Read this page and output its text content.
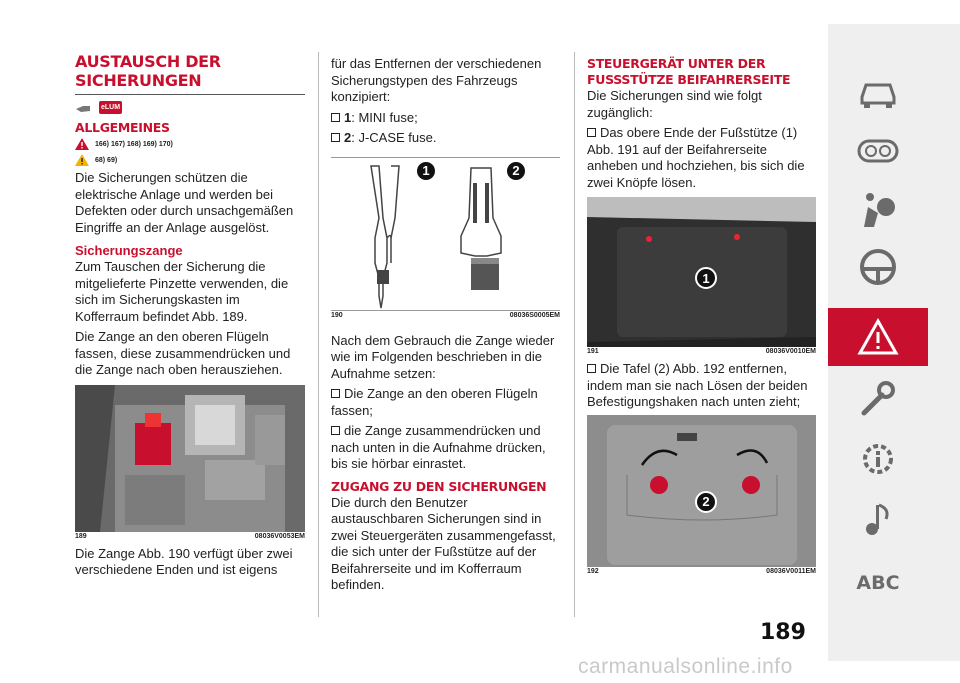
AUSTAUSCH DER
SICHERUNGEN
eLUM
ALLGEMEINES
166) 167) 168) 169) 170)
68) 69)

Die Sicherungen schützen die elektrische Anlage und werden bei Defekten oder durch unsachgemäßen Eingriffe an der Anlage ausgelöst.

Sicherungszange

Zum Tauschen der Sicherung die mitgelieferte Pinzette verwenden, die sich im Sicherungskasten im Kofferraum befindet Abb. 189.

Die Zange an den oberen Flügeln fassen, diese zusammendrücken und die Zange nach oben herausziehen.

189	08036V0053EM

Die Zange Abb. 190 verfügt über zwei verschiedene Enden und ist eigens

für das Entfernen der verschiedenen Sicherungstypen des Fahrzeugs konzipiert:

1: MINI fuse;

2: J-CASE fuse.

1	2
190	08036S0005EM

Nach dem Gebrauch die Zange wieder wie im Folgenden beschrieben in die Aufnahme setzen:

Die Zange an den oberen Flügeln fassen;

die Zange zusammendrücken und nach unten in die Aufnahme drücken, bis sie hörbar einrastet.

ZUGANG ZU DEN SICHERUNGEN

Die durch den Benutzer austauschbaren Sicherungen sind in zwei Steuergeräten zusammengefasst, die sich unter der Fußstütze auf der Beifahrerseite und im Kofferraum befinden.

STEUERGERÄT UNTER DER
FUSSSTÜTZE BEIFAHRERSEITE

Die Sicherungen sind wie folgt zugänglich:

Das obere Ende der Fußstütze (1) Abb. 191 auf der Beifahrerseite anheben und hochziehen, bis sich die zwei Knöpfe lösen.

1
191	08036V0010EM

Die Tafel (2) Abb. 192 entfernen, indem man sie nach Lösen der beiden Befestigungshaken nach unten zieht;

2
192	08036V0011EM
ABC
189
carmanualsonline.info
